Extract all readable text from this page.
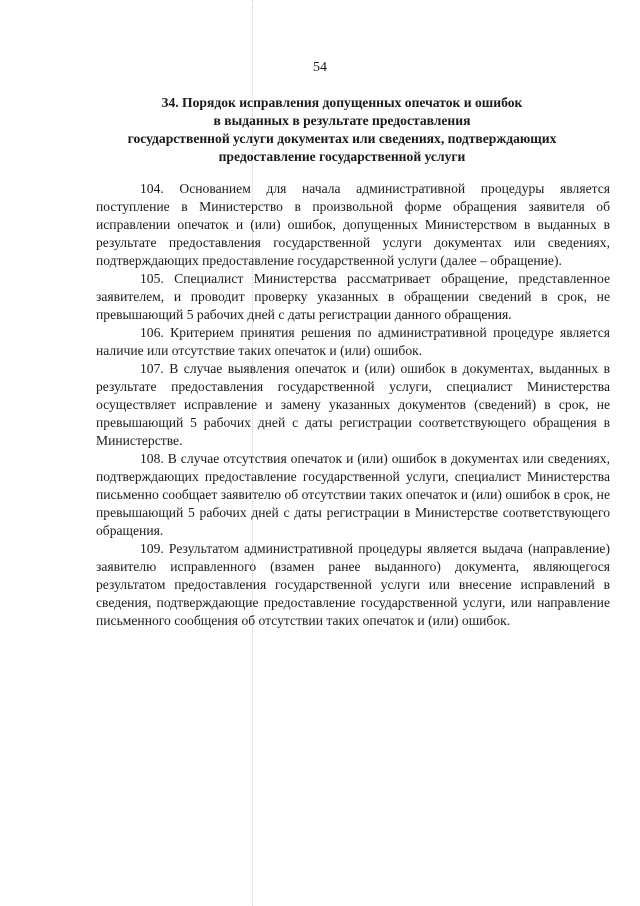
54
34. Порядок исправления допущенных опечаток и ошибок
в выданных в результате предоставления
государственной услуги документах или сведениях, подтверждающих
предоставление государственной услуги

104. Основанием для начала административной процедуры является поступление в Министерство в произвольной форме обращения заявителя об исправлении опечаток и (или) ошибок, допущенных Министерством в выданных в результате предоставления государственной услуги документах или сведениях, подтверждающих предоставление государственной услуги (далее – обращение).

105. Специалист Министерства рассматривает обращение, представленное заявителем, и проводит проверку указанных в обращении сведений в срок, не превышающий 5 рабочих дней с даты регистрации данного обращения.

106. Критерием принятия решения по административной процедуре является наличие или отсутствие таких опечаток и (или) ошибок.

107. В случае выявления опечаток и (или) ошибок в документах, выданных в результате предоставления государственной услуги, специалист Министерства осуществляет исправление и замену указанных документов (сведений) в срок, не превышающий 5 рабочих дней с даты регистрации соответствующего обращения в Министерстве.

108. В случае отсутствия опечаток и (или) ошибок в документах или сведениях, подтверждающих предоставление государственной услуги, специалист Министерства письменно сообщает заявителю об отсутствии таких опечаток и (или) ошибок в срок, не превышающий 5 рабочих дней с даты регистрации в Министерстве соответствующего обращения.

109. Результатом административной процедуры является выдача (направление) заявителю исправленного (взамен ранее выданного) документа, являющегося результатом предоставления государственной услуги или внесение исправлений в сведения, подтверждающие предоставление государственной услуги, или направление письменного сообщения об отсутствии таких опечаток и (или) ошибок.
